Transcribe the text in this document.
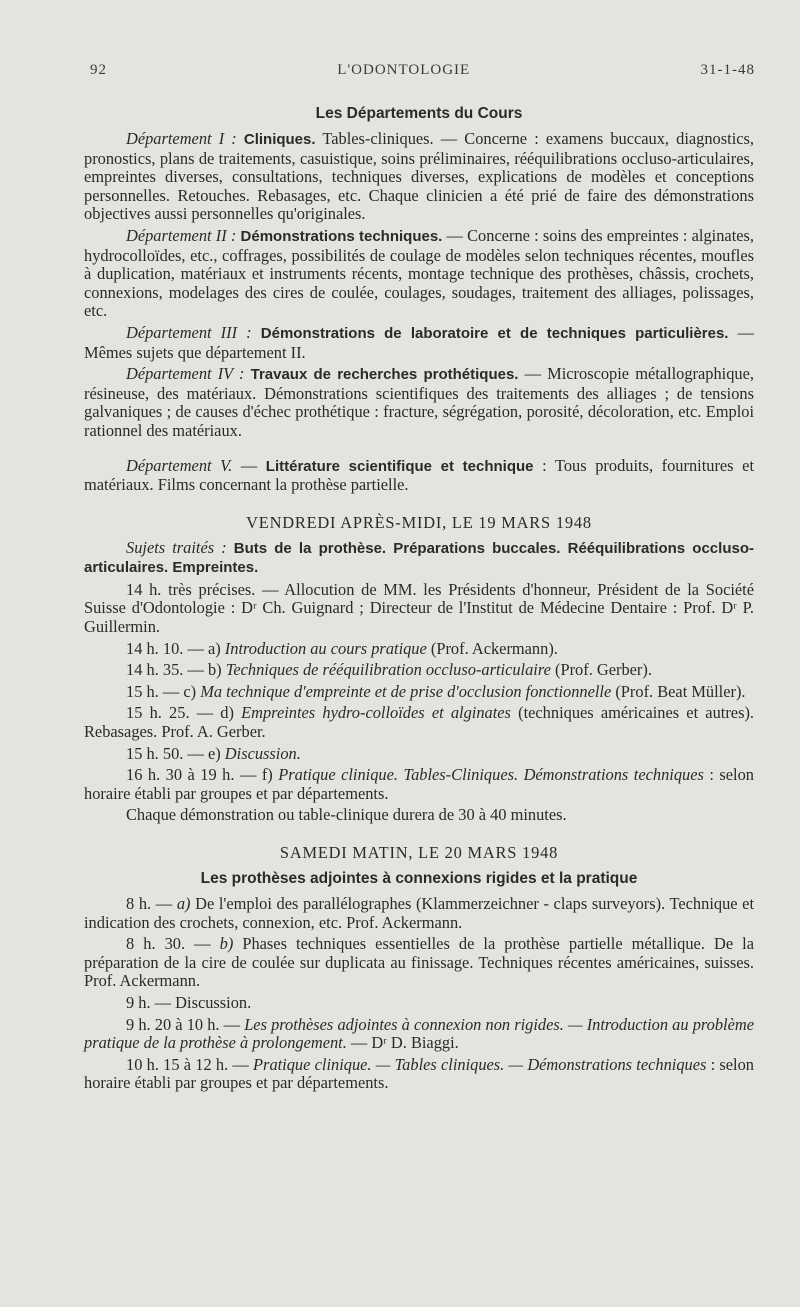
92	L'ODONTOLOGIE	31-1-48
Les Départements du Cours

Département I : Cliniques. Tables-cliniques. — Concerne : examens buccaux, diagnostics, pronostics, plans de traitements, casuistique, soins préliminaires, rééquilibrations occluso-articulaires, empreintes diverses, consultations, techniques diverses, explications de modèles et conceptions personnelles. Retouches. Rebasages, etc. Chaque clinicien a été prié de faire des démonstrations objectives aussi personnelles qu'originales.

Département II : Démonstrations techniques. — Concerne : soins des empreintes : alginates, hydrocolloïdes, etc., coffrages, possibilités de coulage de modèles selon techniques récentes, moufles à duplication, matériaux et instruments récents, montage technique des prothèses, châssis, crochets, connexions, modelages des cires de coulée, coulages, soudages, traitement des alliages, polissages, etc.

Département III : Démonstrations de laboratoire et de techniques particulières. — Mêmes sujets que département II.

Département IV : Travaux de recherches prothétiques. — Microscopie métallographique, résineuse, des matériaux. Démonstrations scientifiques des traitements des alliages ; de tensions galvaniques ; de causes d'échec prothétique : fracture, ségrégation, porosité, décoloration, etc. Emploi rationnel des matériaux.

Département V. — Littérature scientifique et technique : Tous produits, fournitures et matériaux. Films concernant la prothèse partielle.

VENDREDI APRÈS-MIDI, LE 19 MARS 1948

Sujets traités : Buts de la prothèse. Préparations buccales. Rééquilibrations occluso-articulaires. Empreintes.

14 h. très précises. — Allocution de MM. les Présidents d'honneur, Président de la Société Suisse d'Odontologie : Dʳ Ch. Guignard ; Directeur de l'Institut de Médecine Dentaire : Prof. Dʳ P. Guillermin.

14 h. 10. — a) Introduction au cours pratique (Prof. Ackermann).

14 h. 35. — b) Techniques de rééquilibration occluso-articulaire (Prof. Gerber).

15 h. — c) Ma technique d'empreinte et de prise d'occlusion fonctionnelle (Prof. Beat Müller).

15 h. 25. — d) Empreintes hydro-colloïdes et alginates (techniques américaines et autres). Rebasages. Prof. A. Gerber.

15 h. 50. — e) Discussion.

16 h. 30 à 19 h. — f) Pratique clinique. Tables-Cliniques. Démonstrations techniques : selon horaire établi par groupes et par départements.

Chaque démonstration ou table-clinique durera de 30 à 40 minutes.

SAMEDI MATIN, LE 20 MARS 1948
Les prothèses adjointes à connexions rigides et la pratique

8 h. — a) De l'emploi des parallélographes (Klammerzeichner - claps surveyors). Technique et indication des crochets, connexion, etc. Prof. Ackermann.

8 h. 30. — b) Phases techniques essentielles de la prothèse partielle métallique. De la préparation de la cire de coulée sur duplicata au finissage. Techniques récentes américaines, suisses. Prof. Ackermann.

9 h. — Discussion.

9 h. 20 à 10 h. — Les prothèses adjointes à connexion non rigides. — Introduction au problème pratique de la prothèse à prolongement. — Dʳ D. Biaggi.

10 h. 15 à 12 h. — Pratique clinique. — Tables cliniques. — Démonstrations techniques : selon horaire établi par groupes et par départements.
